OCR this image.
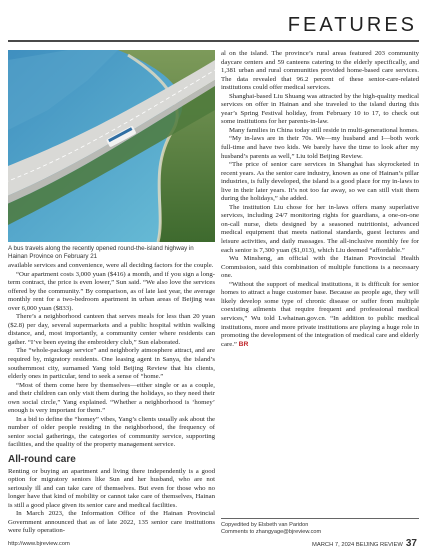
FEATURES
A bus travels along the recently opened round-the-island highway in Hainan Province on February 21

available services and convenience, were all deciding factors for the couple.

“Our apartment costs 3,000 yuan ($416) a month, and if you sign a long-term contract, the price is even lower,” Sun said. “We also love the services offered by the community.” By comparison, as of late last year, the average monthly rent for a two-bedroom apartment in urban areas of Beijing was over 6,000 yuan ($833).

There’s a neighborhood canteen that serves meals for less than 20 yuan ($2.8) per day, several supermarkets and a public hospital within walking distance, and, most importantly, a community center where residents can gather. “I’ve been eyeing the embroidery club,” Sun elaborated.

The “whole-package service” and neighborly atmosphere attract, and are required by, migratory residents. One leasing agent in Sanya, the island’s southernmost city, surnamed Yang told Beijing Review that his clients, elderly ones in particular, tend to seek a sense of “home.”

“Most of them come here by themselves—either single or as a couple, and their children can only visit them during the holidays, so they need their own social circle,” Yang explained. “Whether a neighborhood is ‘homey’ enough is very important for them.”

In a bid to define the “homey” vibes, Yang’s clients usually ask about the number of older people residing in the neighborhood, the frequency of senior social gatherings, the categories of community service, supporting facilities, and the quality of the property management service.

All-round care

Renting or buying an apartment and living there independently is a good option for migratory seniors like Sun and her husband, who are not seriously ill and can take care of themselves. But even for those who no longer have that kind of mobility or cannot take care of themselves, Hainan is still a good place given its senior care and medical facilities.

In March 2023, the Information Office of the Hainan Provincial Government announced that as of late 2022, 135 senior care institutions were fully operation-

al on the island. The province’s rural areas featured 203 community daycare centers and 59 canteens catering to the elderly specifically, and 1,381 urban and rural communities provided home-based care services. The data revealed that 96.2 percent of these senior-care-related institutions could offer medical services.

Shanghai-based Liu Shuang was attracted by the high-quality medical services on offer in Hainan and she traveled to the island during this year’s Spring Festival holiday, from February 10 to 17, to check out some institutions for her parents-in-law.

Many families in China today still reside in multi-generational homes.

“My in-laws are in their 70s. We—my husband and I—both work full-time and have two kids. We barely have the time to look after my husband’s parents as well,” Liu told Beijing Review.

“The price of senior care services in Shanghai has skyrocketed in recent years. As the senior care industry, known as one of Hainan’s pillar industries, is fully developed, the island is a good place for my in-laws to live in their later years. It’s not too far away, so we can still visit them during the holidays,” she added.

The institution Liu chose for her in-laws offers many superlative services, including 24/7 monitoring rights for guardians, a one-on-one on-call nurse, diets designed by a seasoned nutritionist, advanced medical equipment that meets national standards, guest lectures and leisure activities, and daily massages. The all-inclusive monthly fee for each senior is 7,300 yuan ($1,013), which Liu deemed “affordable.”

Wu Minsheng, an official with the Hainan Provincial Health Commission, said this combination of multiple functions is a necessary one.

“Without the support of medical institutions, it is difficult for senior homes to attract a huge customer base. Because as people age, they will likely develop some type of chronic disease or suffer from multiple coexisting ailments that require frequent and professional medical services,” Wu told Lwhainan.gov.cn. “In addition to public medical institutions, more and more private institutions are playing a huge role in promoting the development of the integration of medical care and elderly care.” BR

Copyedited by Elsbeth van Paridon
Comments to zhangyage@bjreview.com
http://www.bjreview.com	MARCH 7, 2024 BEIJING REVIEW 37
